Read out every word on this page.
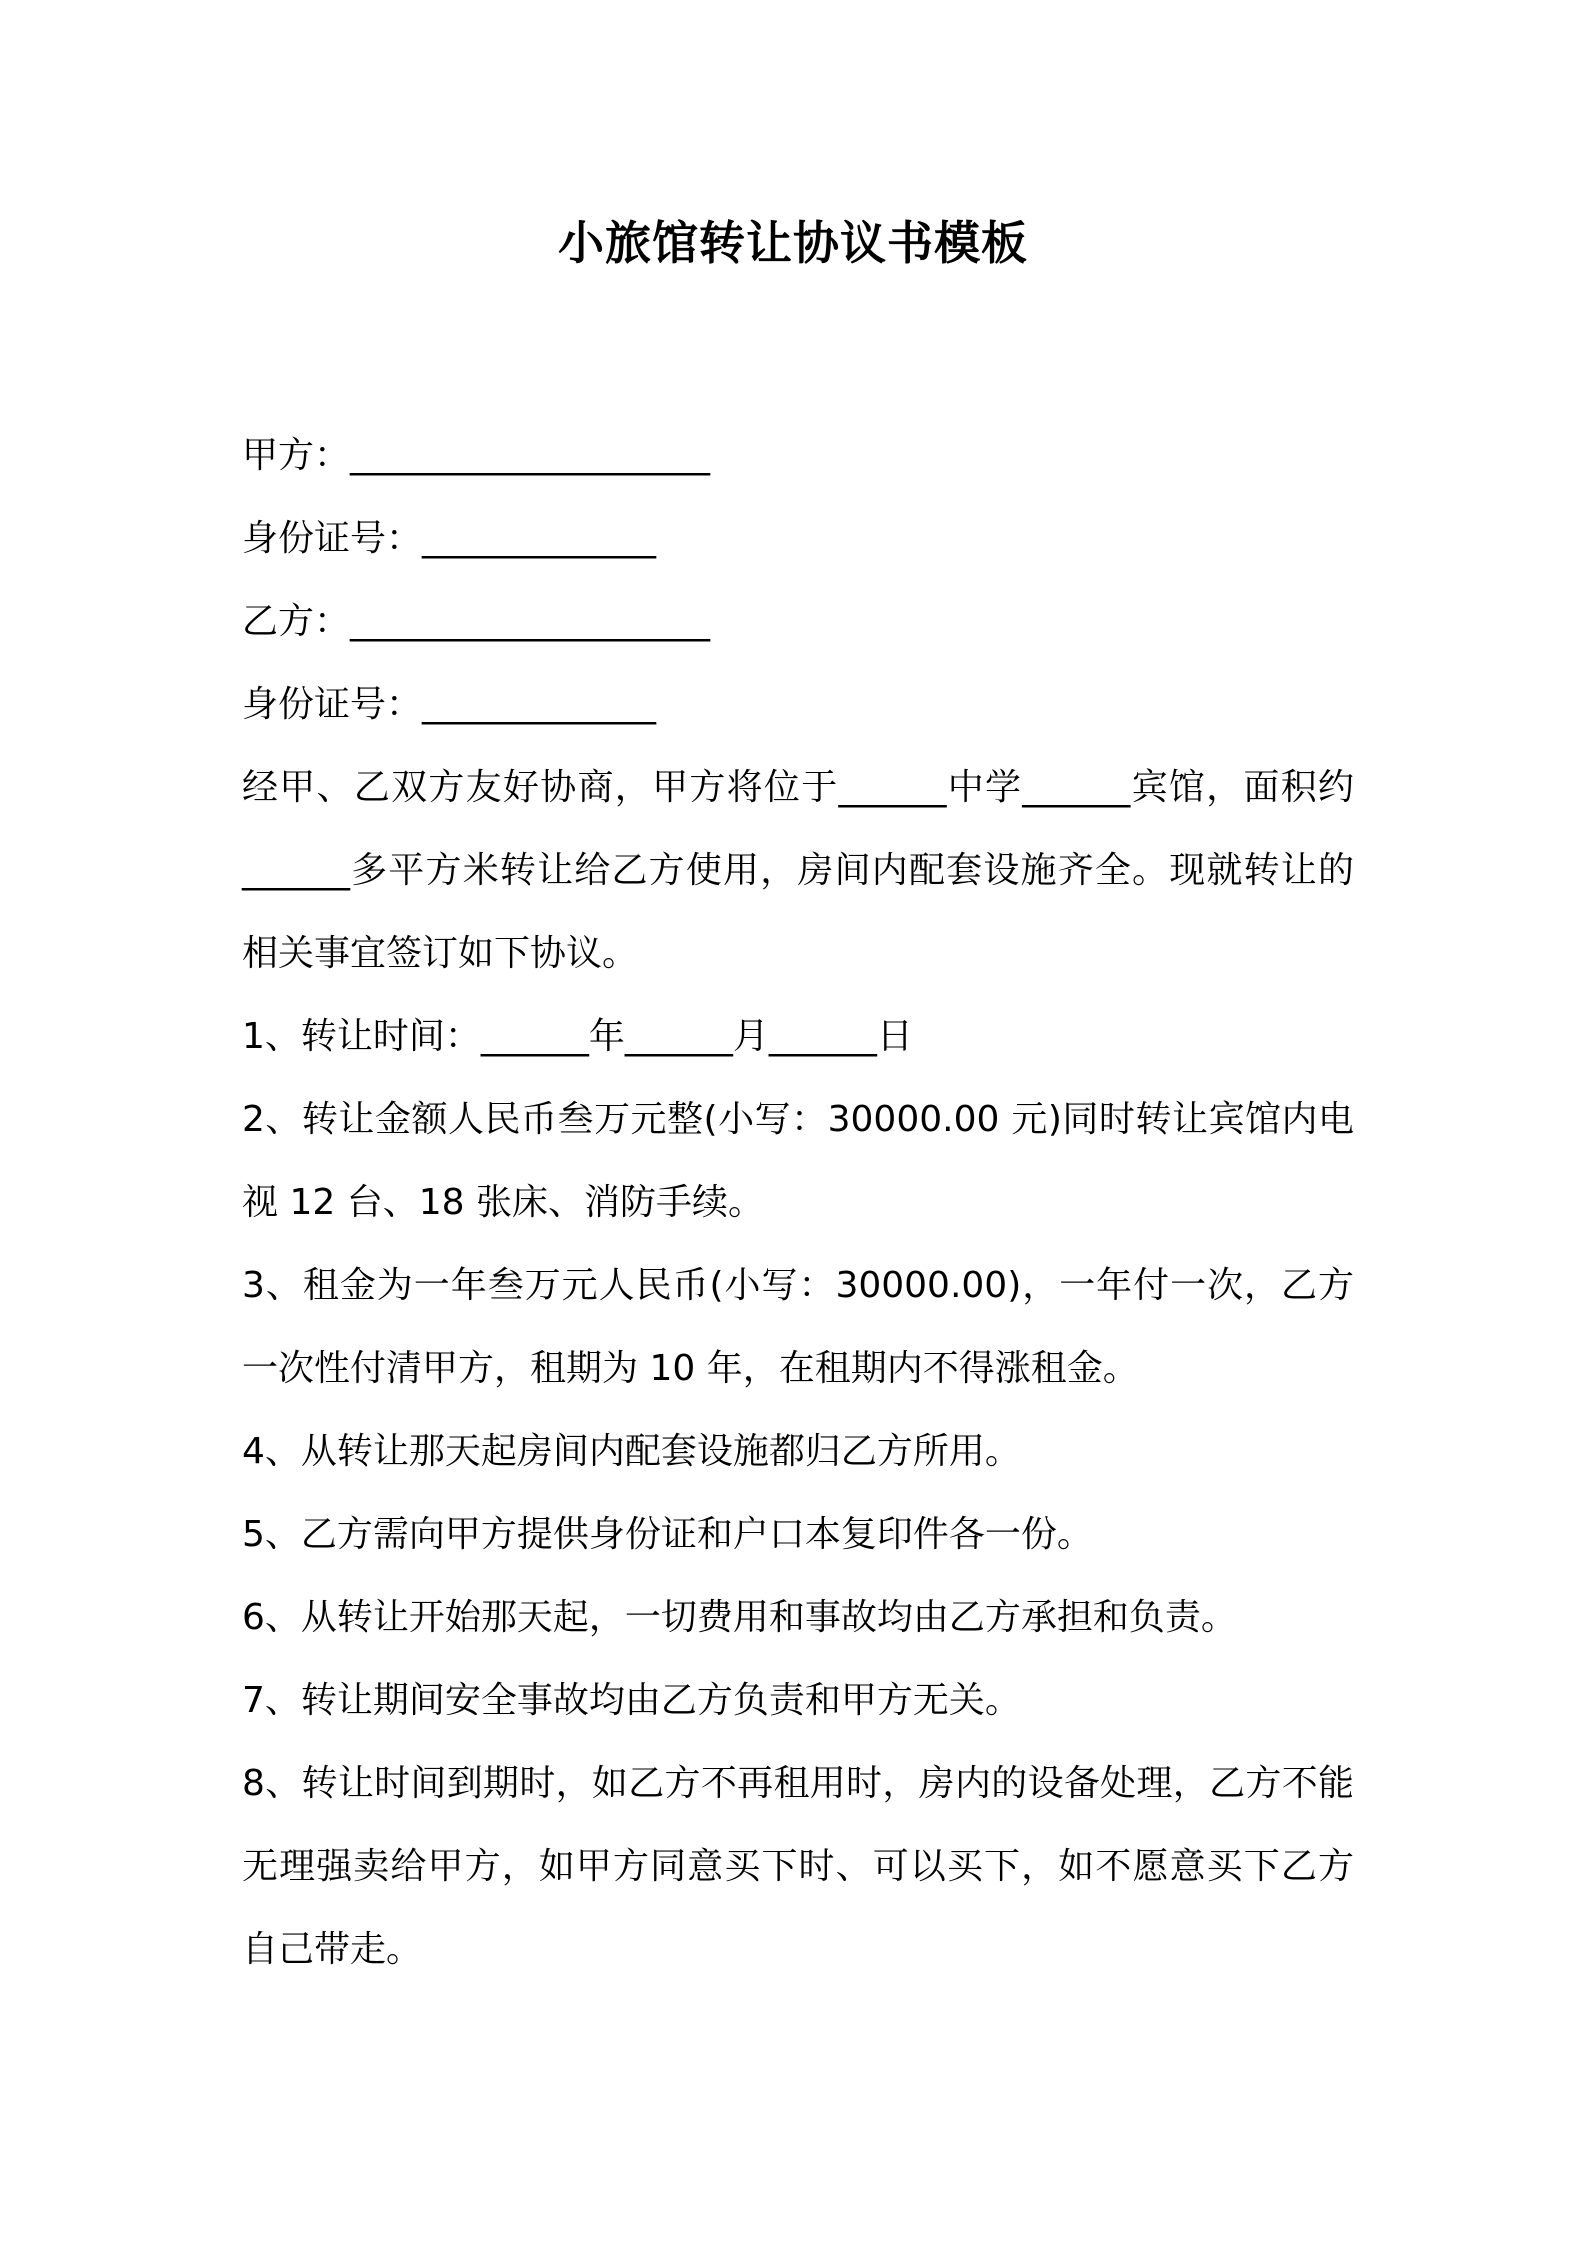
小旅馆转让协议书模板
甲方：____________________
身份证号：_____________
乙方：____________________
身份证号：_____________
经甲、乙双方友好协商，甲方将位于______中学______宾馆，面积约______多平方米转让给乙方使用，房间内配套设施齐全。现就转让的相关事宜签订如下协议。
1、转让时间：______年______月______日
2、转让金额人民币叁万元整(小写：30000.00 元)同时转让宾馆内电视 12 台、18 张床、消防手续。
3、租金为一年叁万元人民币(小写：30000.00)，一年付一次，乙方一次性付清甲方，租期为 10 年，在租期内不得涨租金。
4、从转让那天起房间内配套设施都归乙方所用。
5、乙方需向甲方提供身份证和户口本复印件各一份。
6、从转让开始那天起，一切费用和事故均由乙方承担和负责。
7、转让期间安全事故均由乙方负责和甲方无关。
8、转让时间到期时，如乙方不再租用时，房内的设备处理，乙方不能无理强卖给甲方，如甲方同意买下时、可以买下，如不愿意买下乙方自己带走。
